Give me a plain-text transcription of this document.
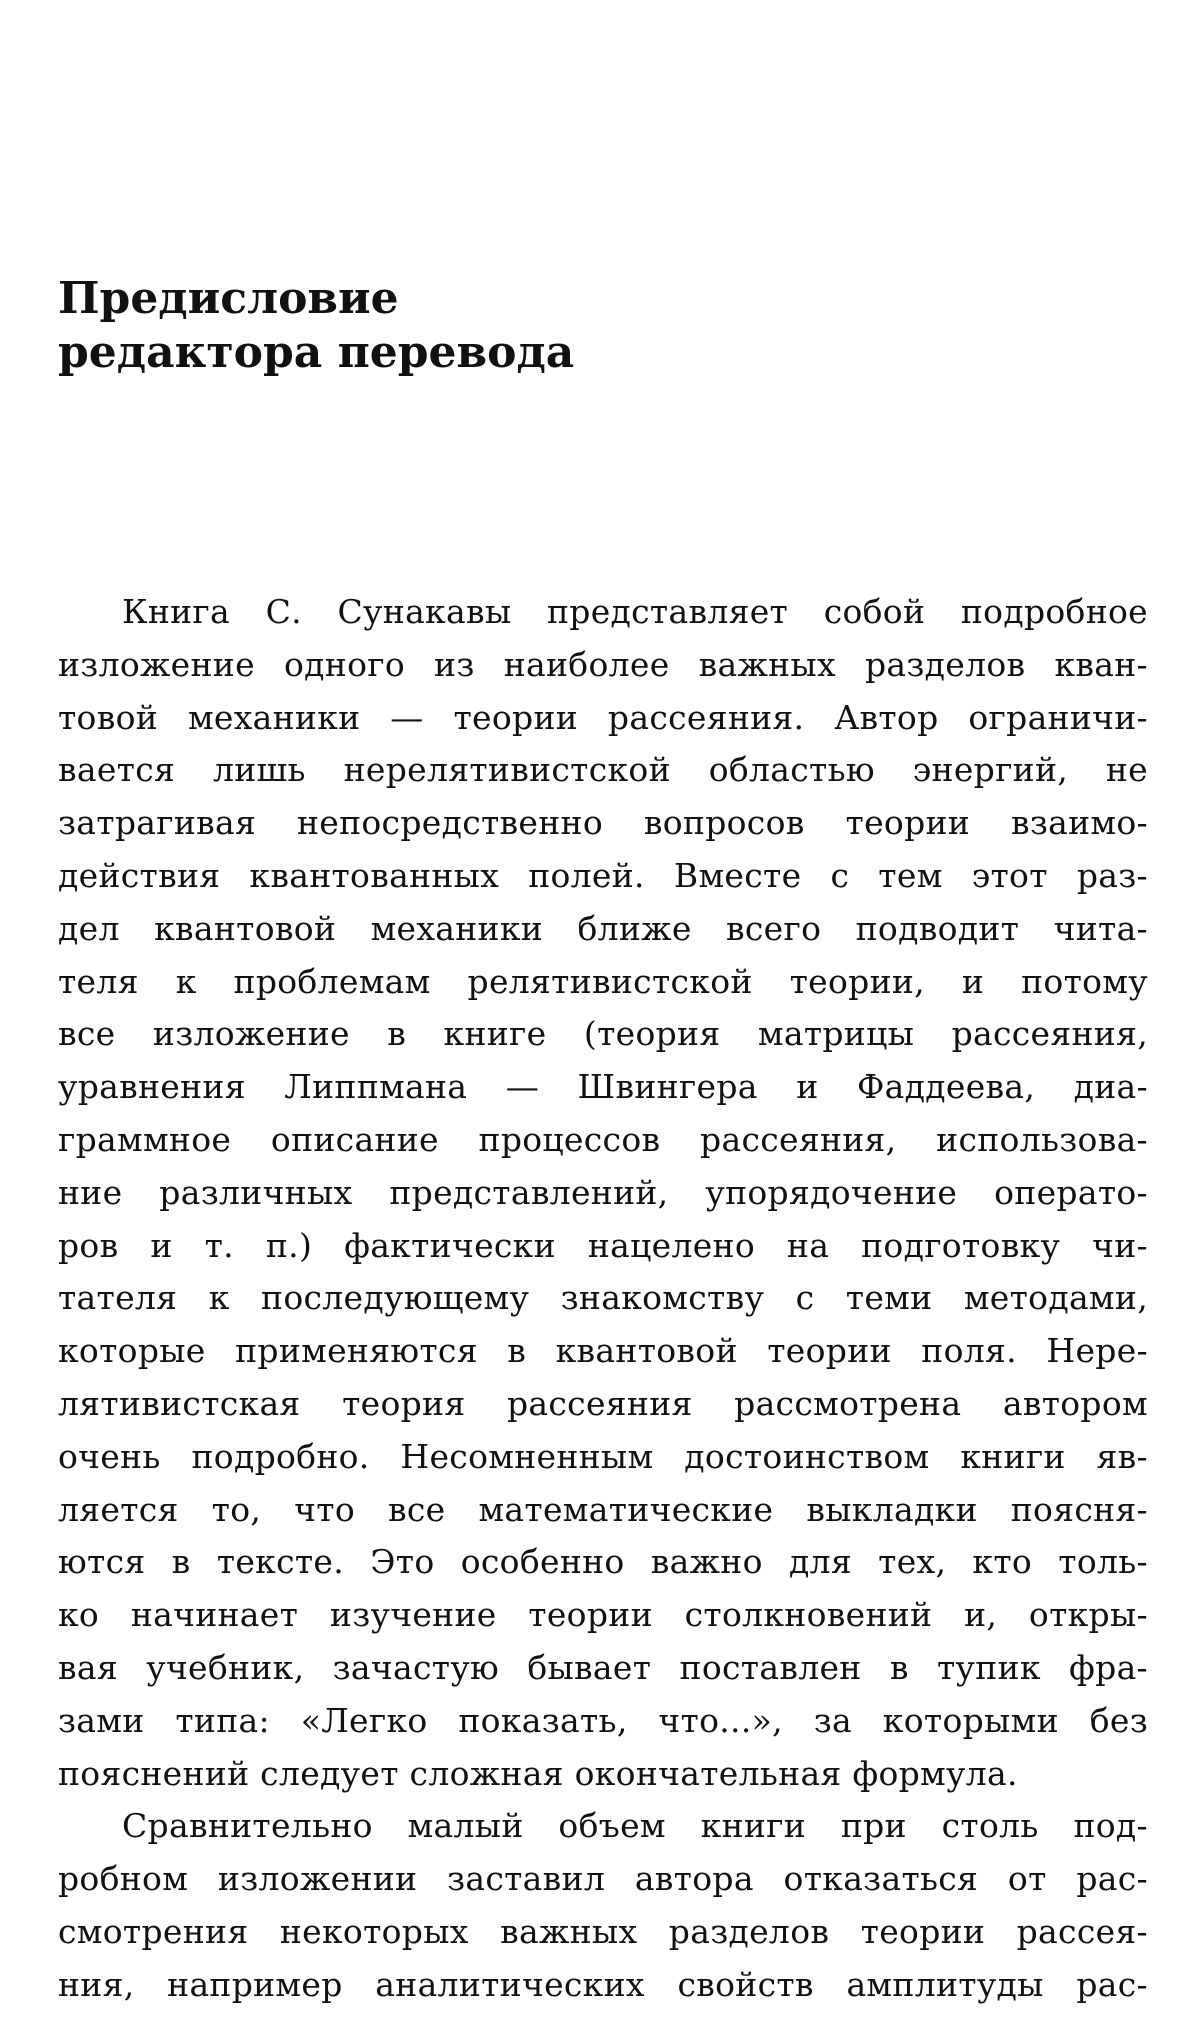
Предисловие
редактора перевода
Книга С. Сунакавы представляет собой подробное
изложение одного из наиболее важных разделов кван-
товой механики — теории рассеяния. Автор ограничи-
вается лишь нерелятивистской областью энергий, не
затрагивая непосредственно вопросов теории взаимо-
действия квантованных полей. Вместе с тем этот раз-
дел квантовой механики ближе всего подводит чита-
теля к проблемам релятивистской теории, и потому
все изложение в книге (теория матрицы рассеяния,
уравнения Липпмана — Швингера и Фаддеева, диа-
граммное описание процессов рассеяния, использова-
ние различных представлений, упорядочение операто-
ров и т. п.) фактически нацелено на подготовку чи-
тателя к последующему знакомству с теми методами,
которые применяются в квантовой теории поля. Нере-
лятивистская теория рассеяния рассмотрена автором
очень подробно. Несомненным достоинством книги яв-
ляется то, что все математические выкладки поясня-
ются в тексте. Это особенно важно для тех, кто толь-
ко начинает изучение теории столкновений и, откры-
вая учебник, зачастую бывает поставлен в тупик фра-
зами типа: «Легко показать, что...», за которыми без
пояснений следует сложная окончательная формула.
Сравнительно малый объем книги при столь под-
робном изложении заставил автора отказаться от рас-
смотрения некоторых важных разделов теории рассея-
ния, например аналитических свойств амплитуды рас-
